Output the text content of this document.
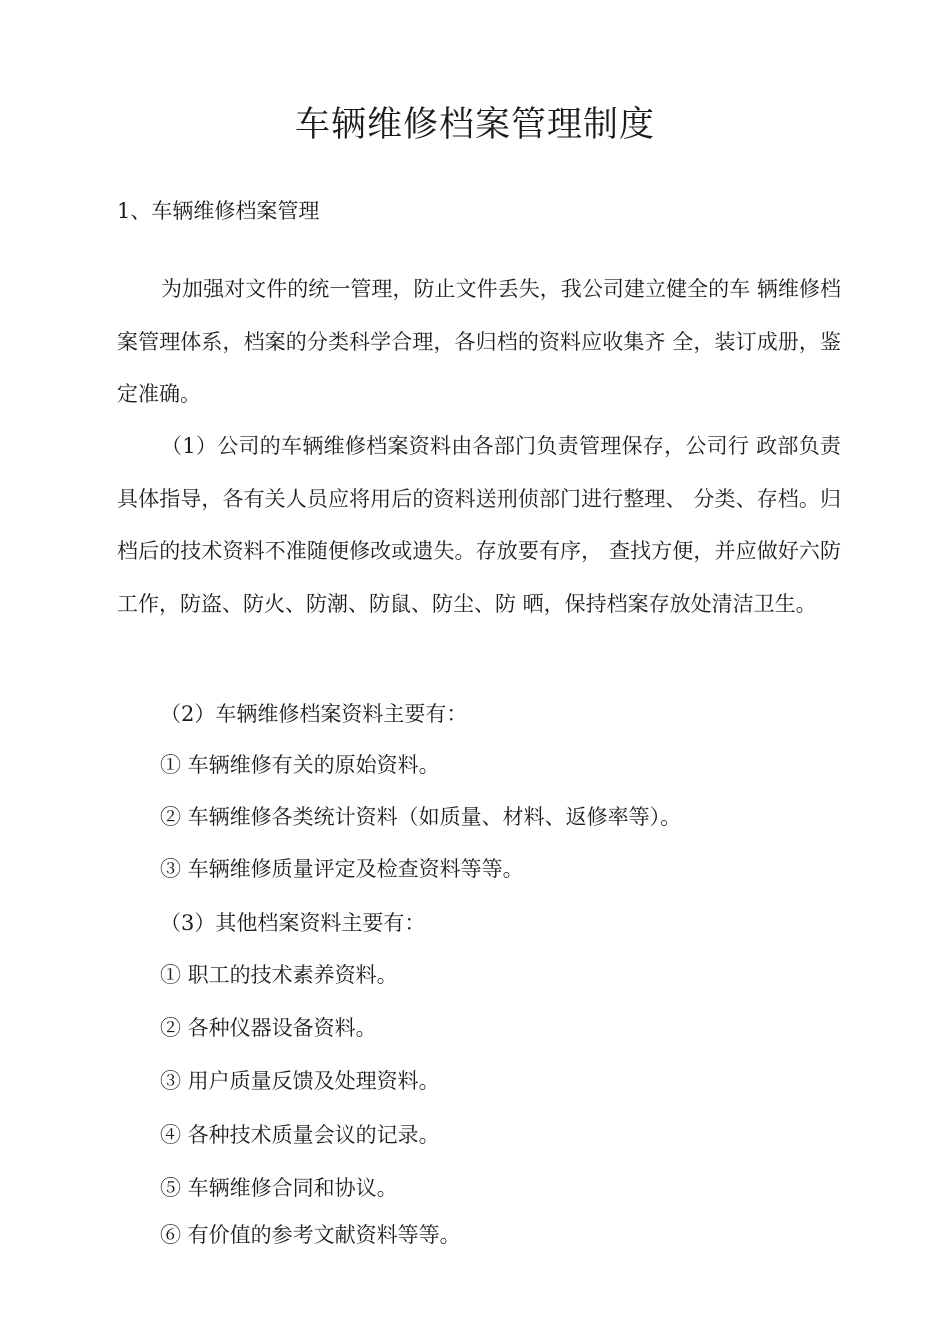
车辆维修档案管理制度

1、车辆维修档案管理

为加强对文件的统一管理，防止文件丢失，我公司建立健全的车 辆维修档案管理体系，档案的分类科学合理，各归档的资料应收集齐 全，装订成册，鉴定准确。

（1）公司的车辆维修档案资料由各部门负责管理保存，公司行 政部负责具体指导，各有关人员应将用后的资料送刑侦部门进行整理、 分类、存档。归档后的技术资料不准随便修改或遗失。存放要有序， 查找方便，并应做好六防工作，防盗、防火、防潮、防鼠、防尘、防 晒，保持档案存放处清洁卫生。

（2）车辆维修档案资料主要有：

① 车辆维修有关的原始资料。

② 车辆维修各类统计资料（如质量、材料、返修率等）。

③ 车辆维修质量评定及检查资料等等。

（3）其他档案资料主要有：

① 职工的技术素养资料。

② 各种仪器设备资料。

③ 用户质量反馈及处理资料。

④ 各种技术质量会议的记录。

⑤ 车辆维修合同和协议。

⑥ 有价值的参考文献资料等等。
